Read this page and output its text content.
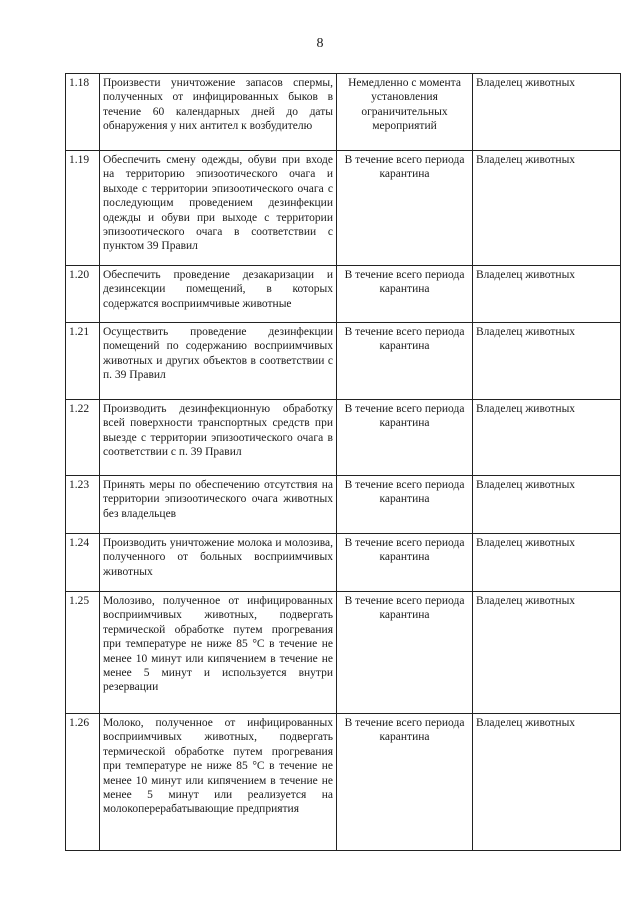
8
1.18	Произвести уничтожение запасов спермы, полученных от инфицированных быков в течение 60 календарных дней до даты обнаружения у них антител к возбудителю	Немедленно с момента установления ограничительных мероприятий	Владелец животных
1.19	Обеспечить смену одежды, обуви при входе на территорию эпизоотического очага и выходе с территории эпизоотического очага с последующим проведением дезинфекции одежды и обуви при выходе с территории эпизоотического очага в соответствии с пунктом 39 Правил	В течение всего периода карантина	Владелец животных
1.20	Обеспечить проведение дезакаризации и дезинсекции помещений, в которых содержатся восприимчивые животные	В течение всего периода карантина	Владелец животных
1.21	Осуществить проведение дезинфекции помещений по содержанию восприимчивых животных и других объектов в соответствии с п. 39 Правил	В течение всего периода карантина	Владелец животных
1.22	Производить дезинфекционную обработку всей поверхности транспортных средств при выезде с территории эпизоотического очага в соответствии с п. 39 Правил	В течение всего периода карантина	Владелец животных
1.23	Принять меры по обеспечению отсутствия на территории эпизоотического очага животных без владельцев	В течение всего периода карантина	Владелец животных
1.24	Производить уничтожение молока и молозива, полученного от больных восприимчивых животных	В течение всего периода карантина	Владелец животных
1.25	Молозиво, полученное от инфицированных восприимчивых животных, подвергать термической обработке путем прогревания при температуре не ниже 85 °С в течение не менее 10 минут или кипячением в течение не менее 5 минут и используется внутри резервации	В течение всего периода карантина	Владелец животных
1.26	Молоко, полученное от инфицированных восприимчивых животных, подвергать термической обработке путем прогревания при температуре не ниже 85 °С в течение не менее 10 минут или кипячением в течение не менее 5 минут или реализуется на молокоперерабатывающие предприятия	В течение всего периода карантина	Владелец животных
